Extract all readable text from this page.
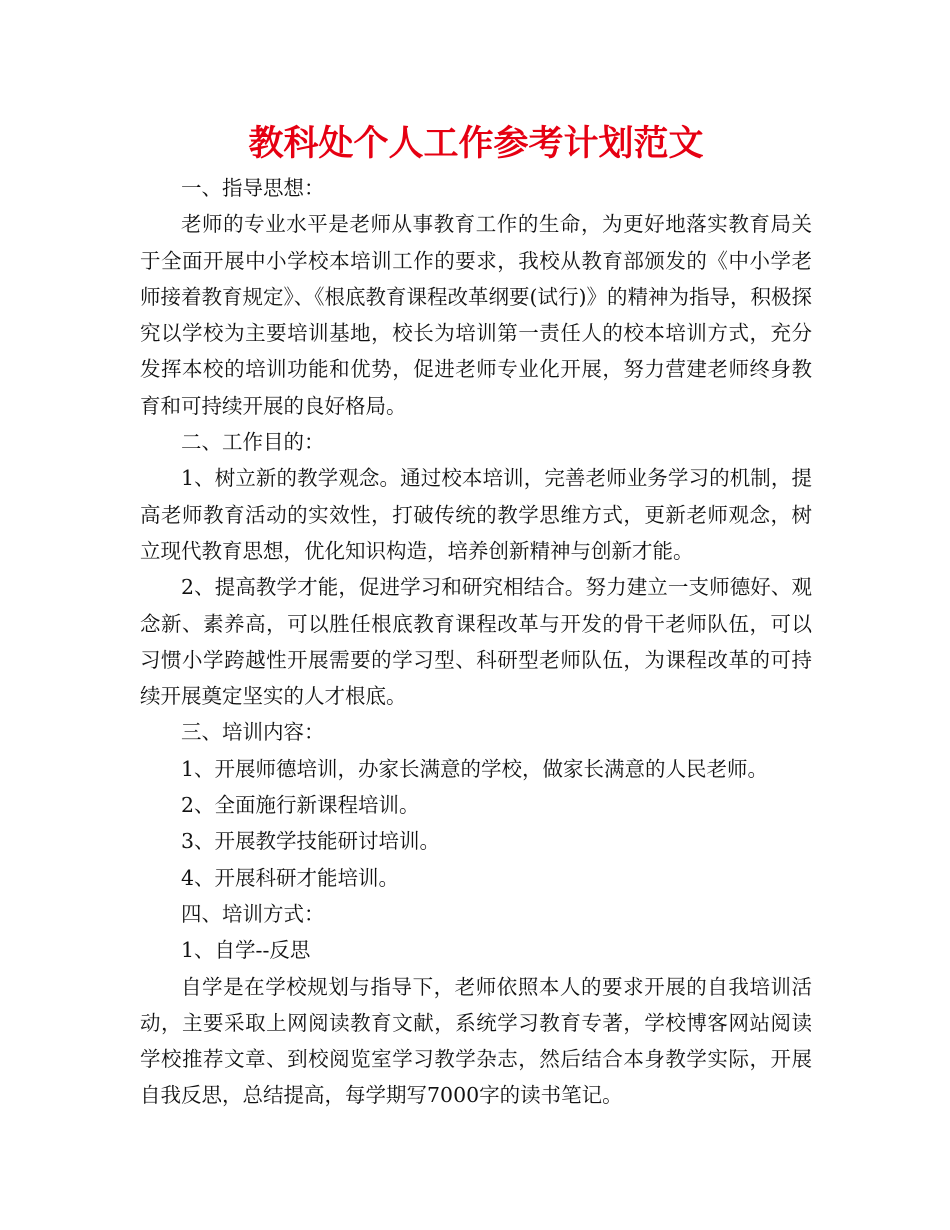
教科处个人工作参考计划范文

一、指导思想：

老师的专业水平是老师从事教育工作的生命，为更好地落实教育局关于全面开展中小学校本培训工作的要求，我校从教育部颁发的《中小学老师接着教育规定》、《根底教育课程改革纲要(试行)》的精神为指导，积极探究以学校为主要培训基地，校长为培训第一责任人的校本培训方式，充分发挥本校的培训功能和优势，促进老师专业化开展，努力营建老师终身教育和可持续开展的良好格局。

二、工作目的：

1、树立新的教学观念。通过校本培训，完善老师业务学习的机制，提高老师教育活动的实效性，打破传统的教学思维方式，更新老师观念，树立现代教育思想，优化知识构造，培养创新精神与创新才能。

2、提高教学才能，促进学习和研究相结合。努力建立一支师德好、观念新、素养高，可以胜任根底教育课程改革与开发的骨干老师队伍，可以习惯小学跨越性开展需要的学习型、科研型老师队伍，为课程改革的可持续开展奠定坚实的人才根底。

三、培训内容：

1、开展师德培训，办家长满意的学校，做家长满意的人民老师。

2、全面施行新课程培训。

3、开展教学技能研讨培训。

4、开展科研才能培训。

四、培训方式：

1、自学--反思

自学是在学校规划与指导下，老师依照本人的要求开展的自我培训活动，主要采取上网阅读教育文献，系统学习教育专著，学校博客网站阅读学校推荐文章、到校阅览室学习教学杂志，然后结合本身教学实际，开展自我反思，总结提高，每学期写7000字的读书笔记。
